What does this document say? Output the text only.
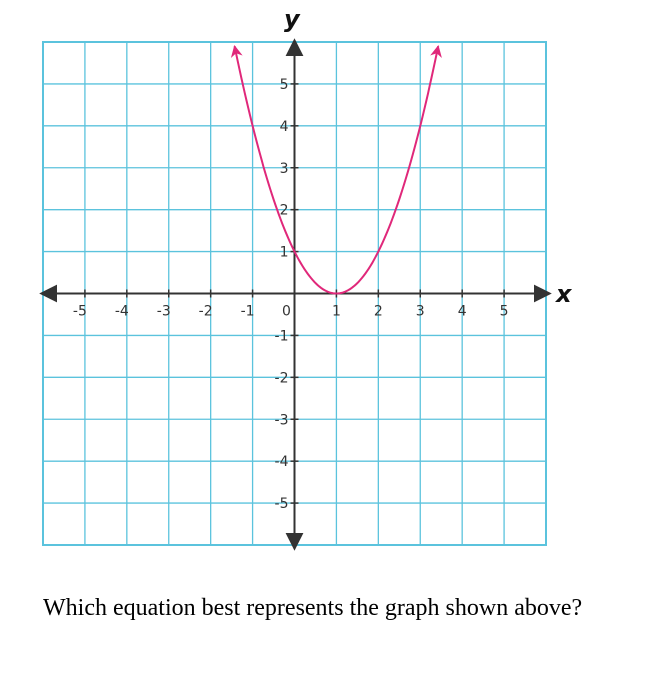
-5 -4 -3 -2 -1 0	1 2 3 4 5
-5
-4
-3
-2
-1
1
2
3
4
5
x
y

Which equation best represents the graph shown above?
